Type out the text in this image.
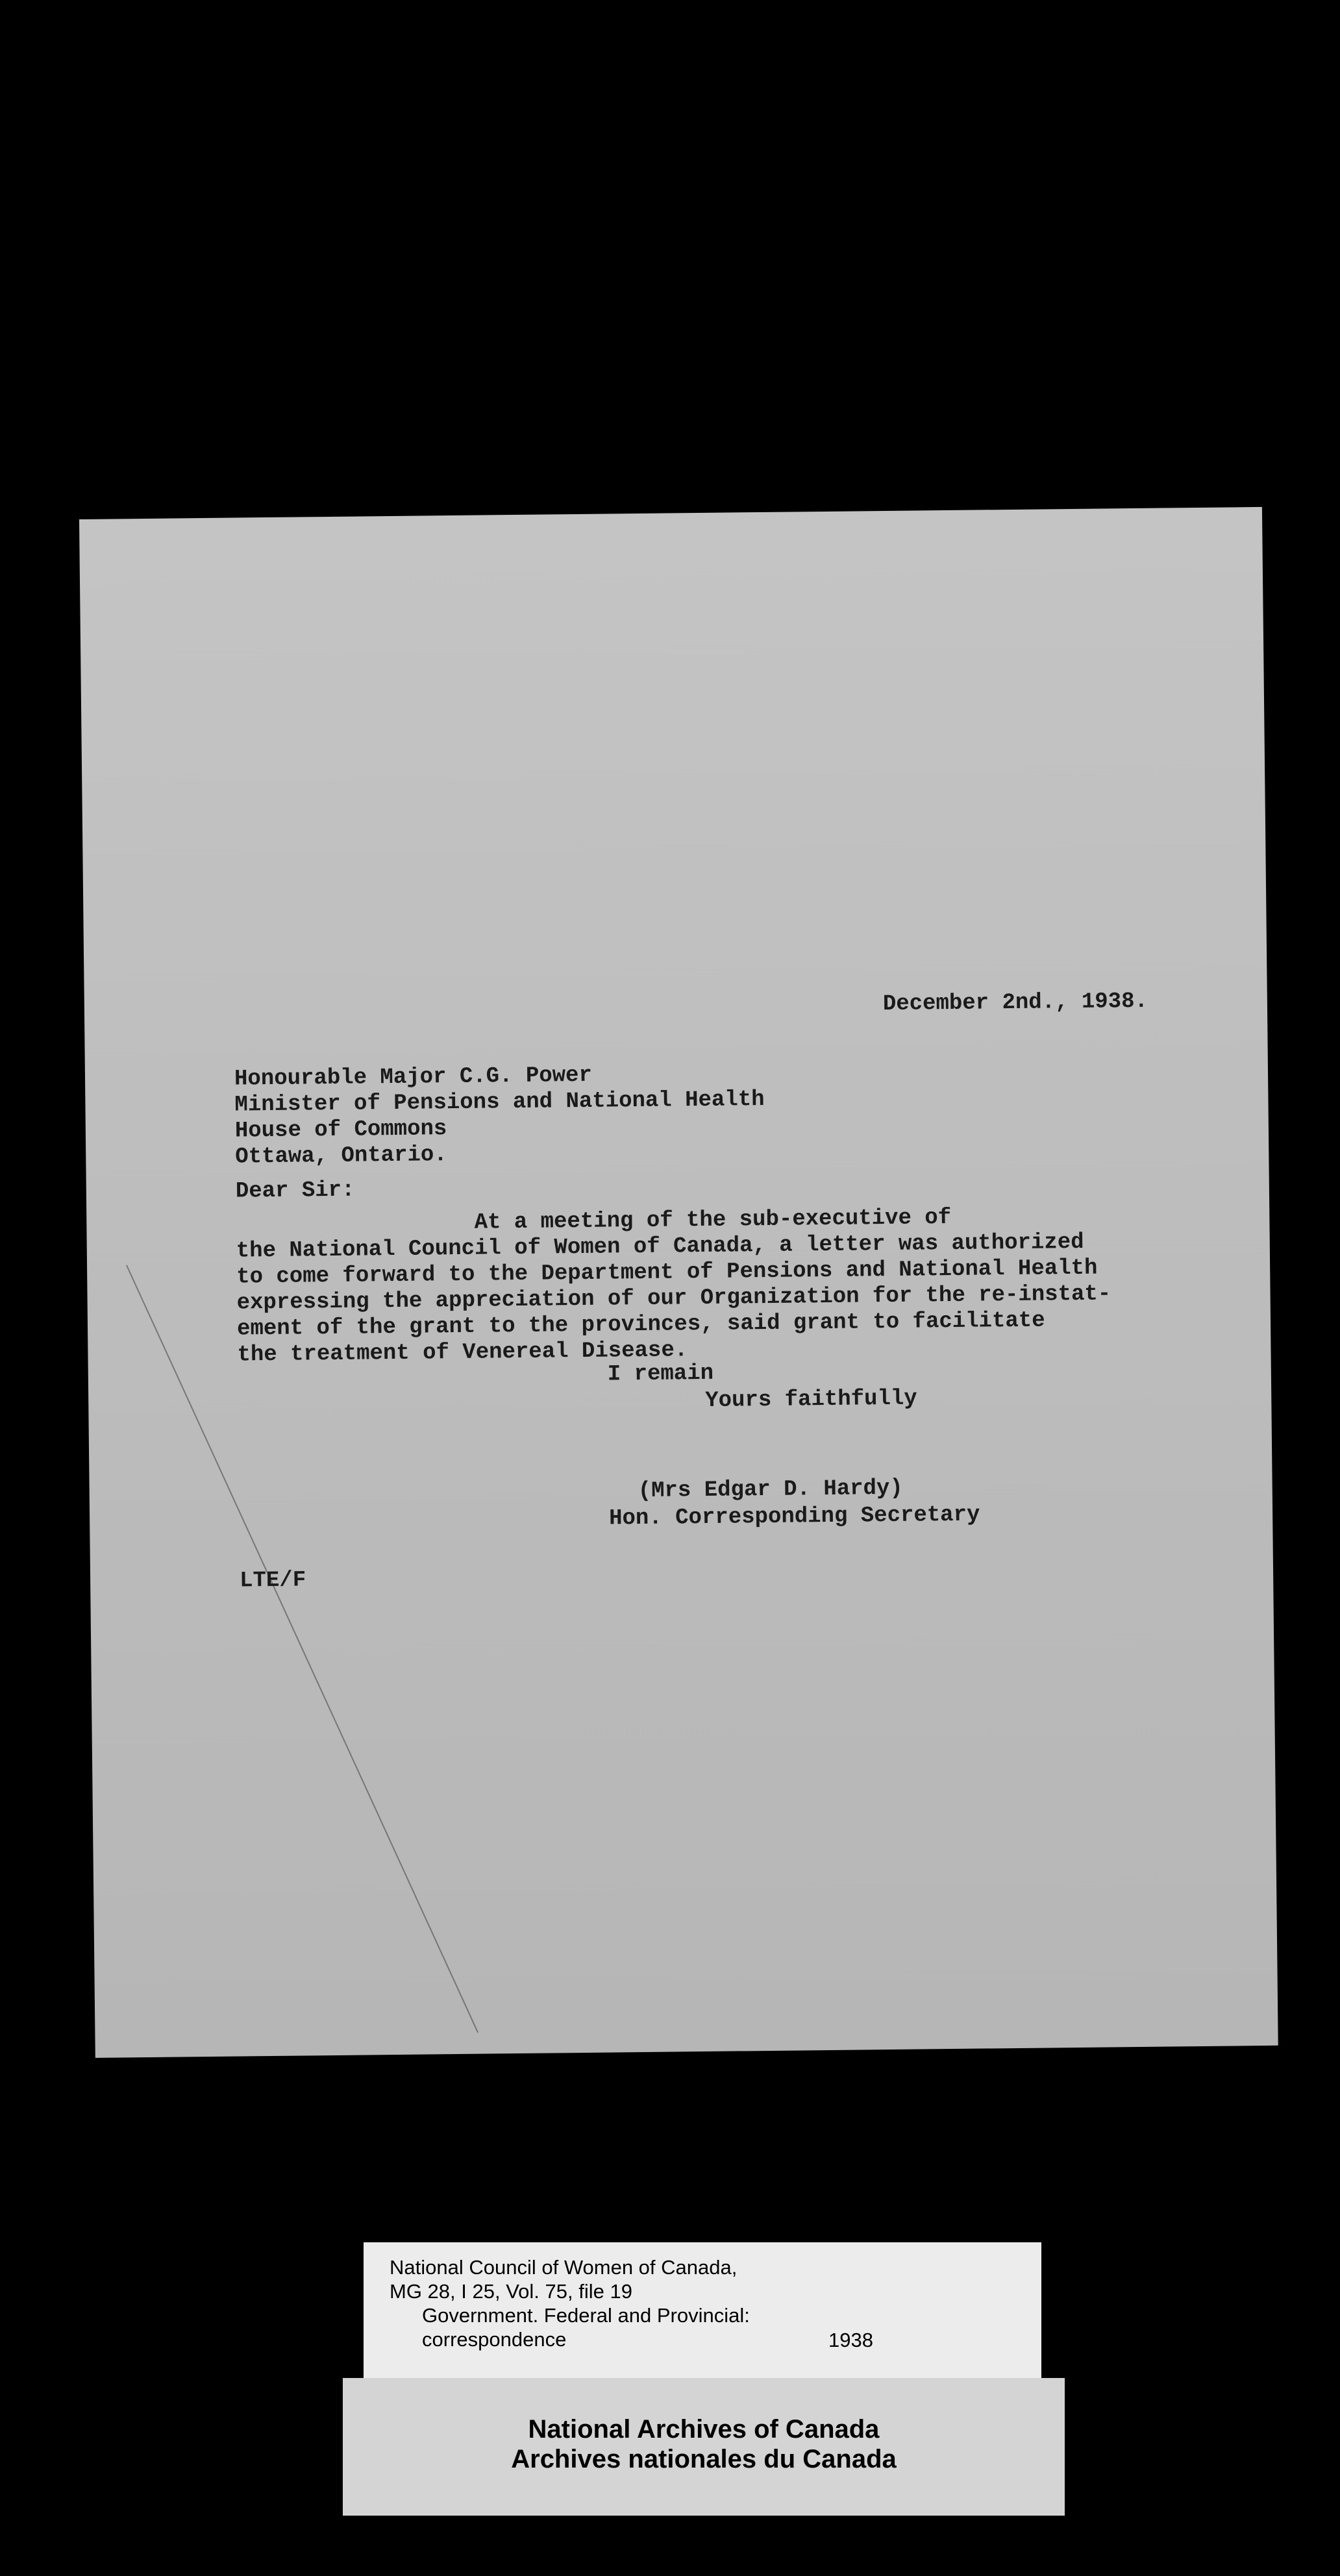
December 2nd., 1938.
Honourable Major C.G. Power
Minister of Pensions and National Health
House of Commons
Ottawa, Ontario.
Dear Sir:
At a meeting of the sub-executive of
the National Council of Women of Canada, a letter was authorized
to come forward to the Department of Pensions and National Health
expressing the appreciation of our Organization for the re-instat-
ement of the grant to the provinces, said grant to facilitate
the treatment of Venereal Disease.
I remain
Yours faithfully
(Mrs Edgar D. Hardy)
Hon. Corresponding Secretary
LTE/F
National Council of Women of Canada,
MG 28, I 25, Vol. 75, file 19
Government. Federal and Provincial:
correspondence	1938
National Archives of Canada
Archives nationales du Canada
